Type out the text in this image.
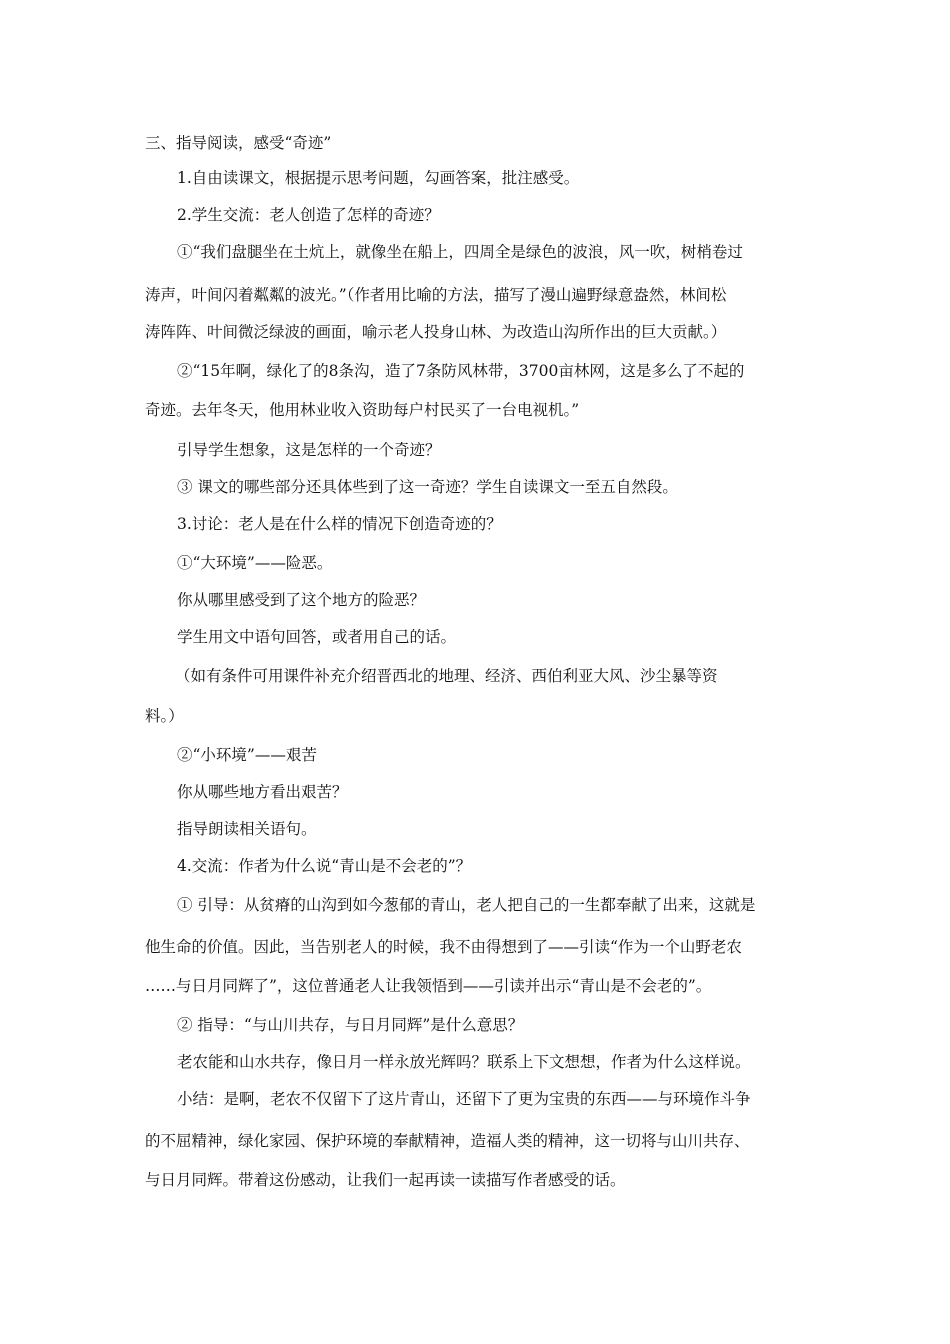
三、指导阅读，感受“奇迹”
1.自由读课文，根据提示思考问题，勾画答案，批注感受。
2.学生交流：老人创造了怎样的奇迹？
①“我们盘腿坐在土炕上，就像坐在船上，四周全是绿色的波浪，风一吹，树梢卷过
涛声，叶间闪着粼粼的波光。”（作者用比喻的方法，描写了漫山遍野绿意盎然，林间松
涛阵阵、叶间微泛绿波的画面，喻示老人投身山林、为改造山沟所作出的巨大贡献。）
②“15年啊，绿化了的8条沟，造了7条防风林带，3700亩林网，这是多么了不起的
奇迹。去年冬天，他用林业收入资助每户村民买了一台电视机。”
引导学生想象，这是怎样的一个奇迹？
③ 课文的哪些部分还具体些到了这一奇迹？学生自读课文一至五自然段。
3.讨论：老人是在什么样的情况下创造奇迹的？
①“大环境”——险恶。
你从哪里感受到了这个地方的险恶？
学生用文中语句回答，或者用自己的话。
（如有条件可用课件补充介绍晋西北的地理、经济、西伯利亚大风、沙尘暴等资
料。）
②“小环境”——艰苦
你从哪些地方看出艰苦？
指导朗读相关语句。
4.交流：作者为什么说“青山是不会老的”？
① 引导：从贫瘠的山沟到如今葱郁的青山，老人把自己的一生都奉献了出来，这就是
他生命的价值。因此，当告别老人的时候，我不由得想到了——引读“作为一个山野老农
……与日月同辉了”，这位普通老人让我领悟到——引读并出示“青山是不会老的”。
② 指导：“与山川共存，与日月同辉”是什么意思？
老农能和山水共存，像日月一样永放光辉吗？联系上下文想想，作者为什么这样说。
小结：是啊，老农不仅留下了这片青山，还留下了更为宝贵的东西——与环境作斗争
的不屈精神，绿化家园、保护环境的奉献精神，造福人类的精神，这一切将与山川共存、
与日月同辉。带着这份感动，让我们一起再读一读描写作者感受的话。
